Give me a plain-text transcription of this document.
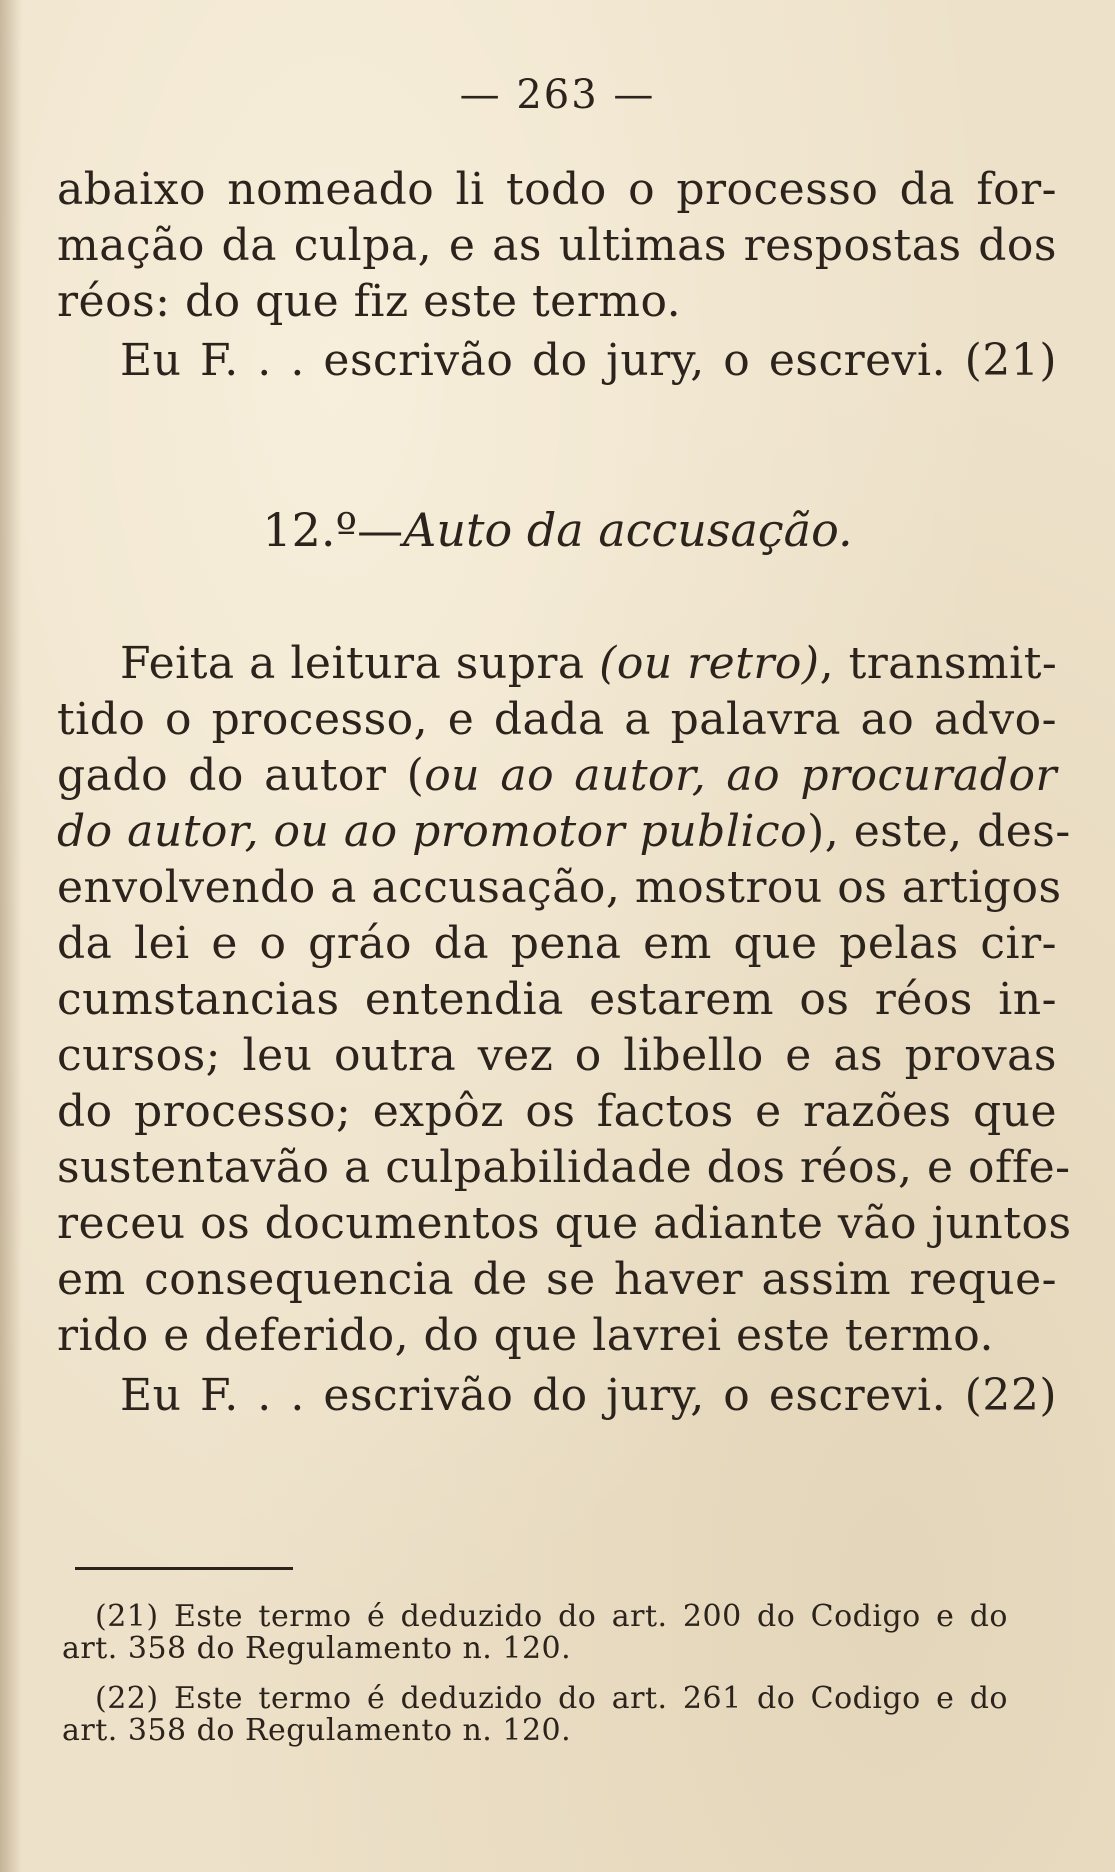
— 263 —
abaixo nomeado li todo o processo da for-
mação da culpa, e as ultimas respostas dos
réos: do que fiz este termo.
Eu F. . . escrivão do jury, o escrevi. (21)
12.º—Auto da accusação.
Feita a leitura supra (ou retro), transmit-
tido o processo, e dada a palavra ao advo-
gado do autor (ou ao autor, ao procurador
do autor, ou ao promotor publico), este, des-
envolvendo a accusação, mostrou os artigos
da lei e o gráo da pena em que pelas cir-
cumstancias entendia estarem os réos in-
cursos; leu outra vez o libello e as provas
do processo; expôz os factos e razões que
sustentavão a culpabilidade dos réos, e offe-
receu os documentos que adiante vão juntos
em consequencia de se haver assim reque-
rido e deferido, do que lavrei este termo.
Eu F. . . escrivão do jury, o escrevi. (22)
(21) Este termo é deduzido do art. 200 do Codigo e do
art. 358 do Regulamento n. 120.
(22) Este termo é deduzido do art. 261 do Codigo e do
art. 358 do Regulamento n. 120.
